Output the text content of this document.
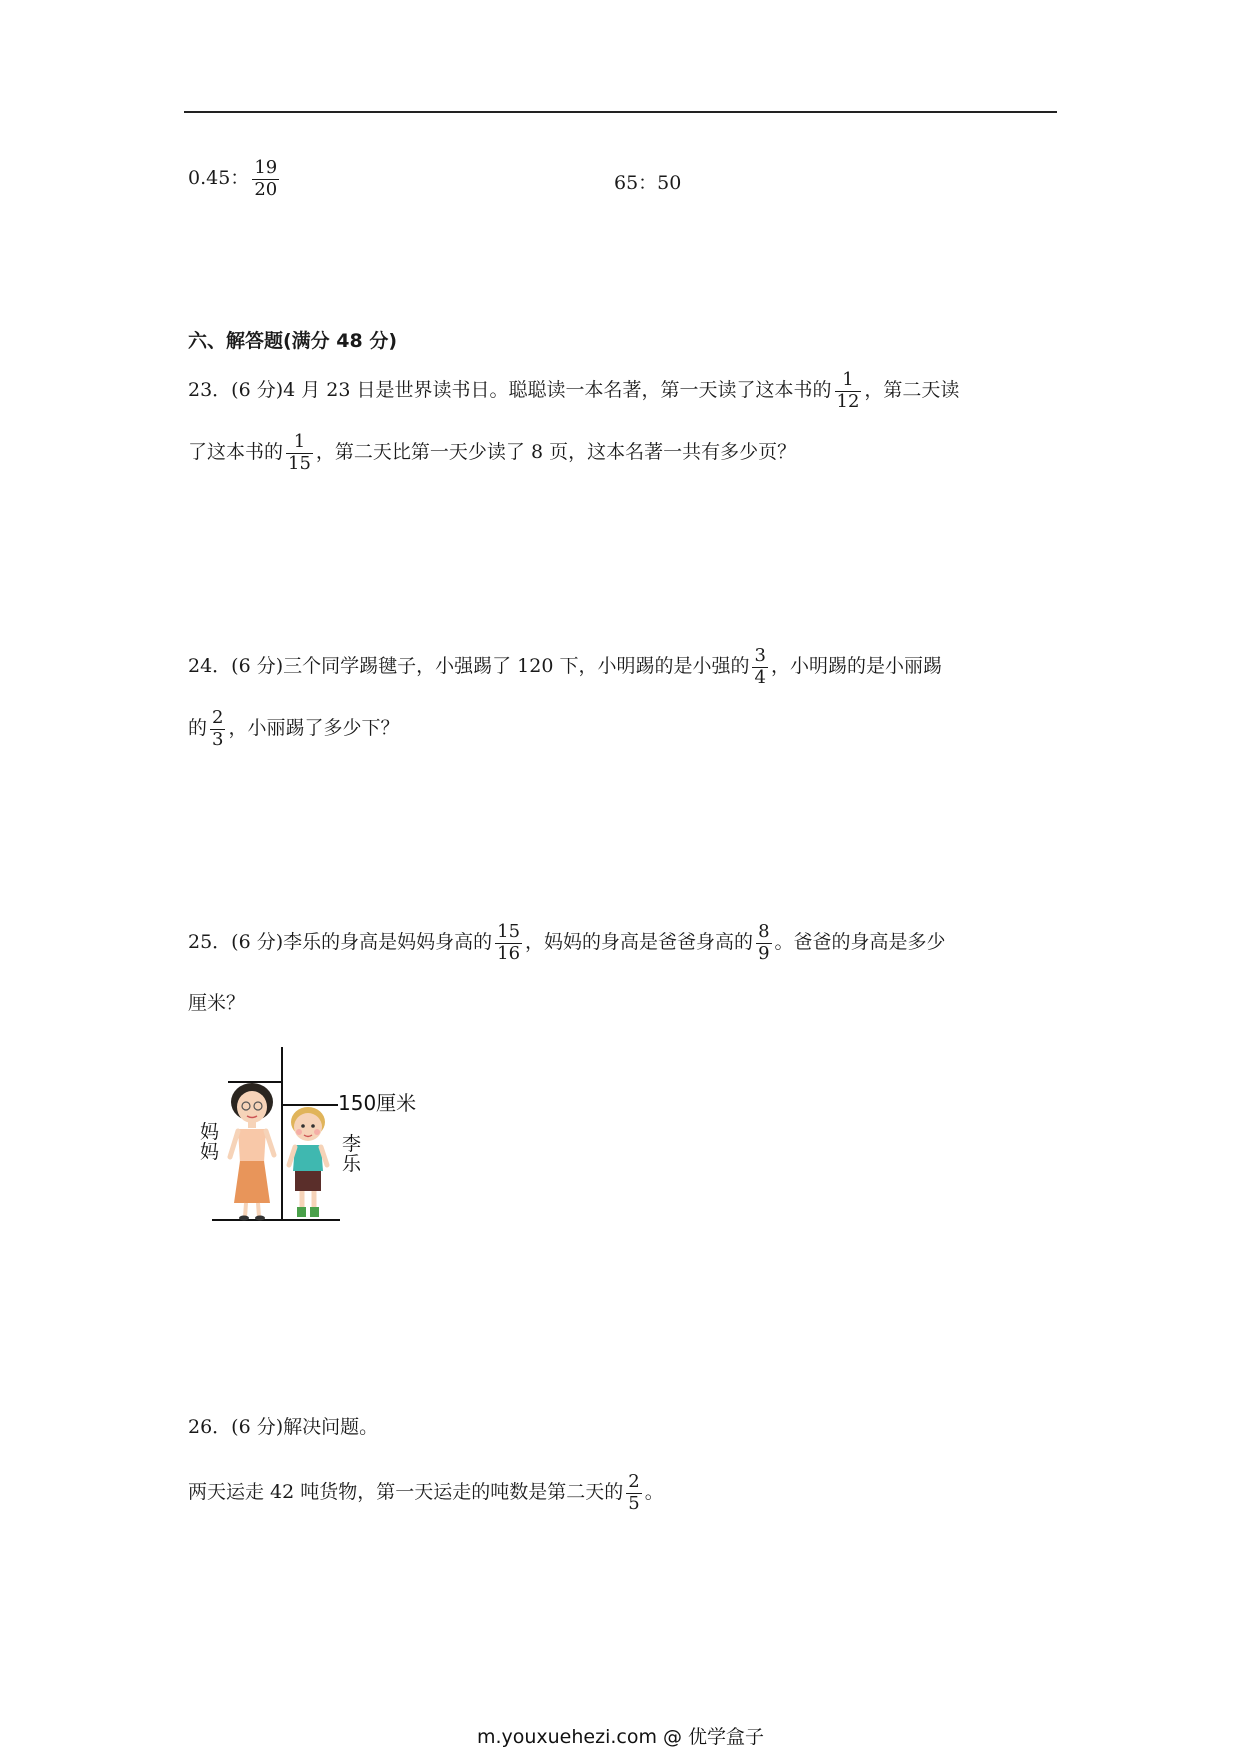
0.45： $\frac{19}{20}$	65：50
六、解答题(满分 48 分)
23．(6 分)4 月 23 日是世界读书日。聪聪读一本名著，第一天读了这本书的 $\frac{1}{12}$ ，第二天读
了这本书的 $\frac{1}{15}$ ，第二天比第一天少读了 8 页，这本名著一共有多少页？
24．(6 分)三个同学踢毽子，小强踢了 120 下，小明踢的是小强的 $\frac{3}{4}$ ，小明踢的是小丽踢
的 $\frac{2}{3}$ ，小丽踢了多少下？
25．(6 分)李乐的身高是妈妈身高的 $\frac{15}{16}$ ，妈妈的身高是爸爸身高的 $\frac{8}{9}$ 。爸爸的身高是多少
厘米？
150厘米
妈
妈	李
乐
26．(6 分)解决问题。
两天运走 42 吨货物，第一天运走的吨数是第二天的 $\frac{2}{5}$ 。
m.youxuehezi.com @ 优学盒子
